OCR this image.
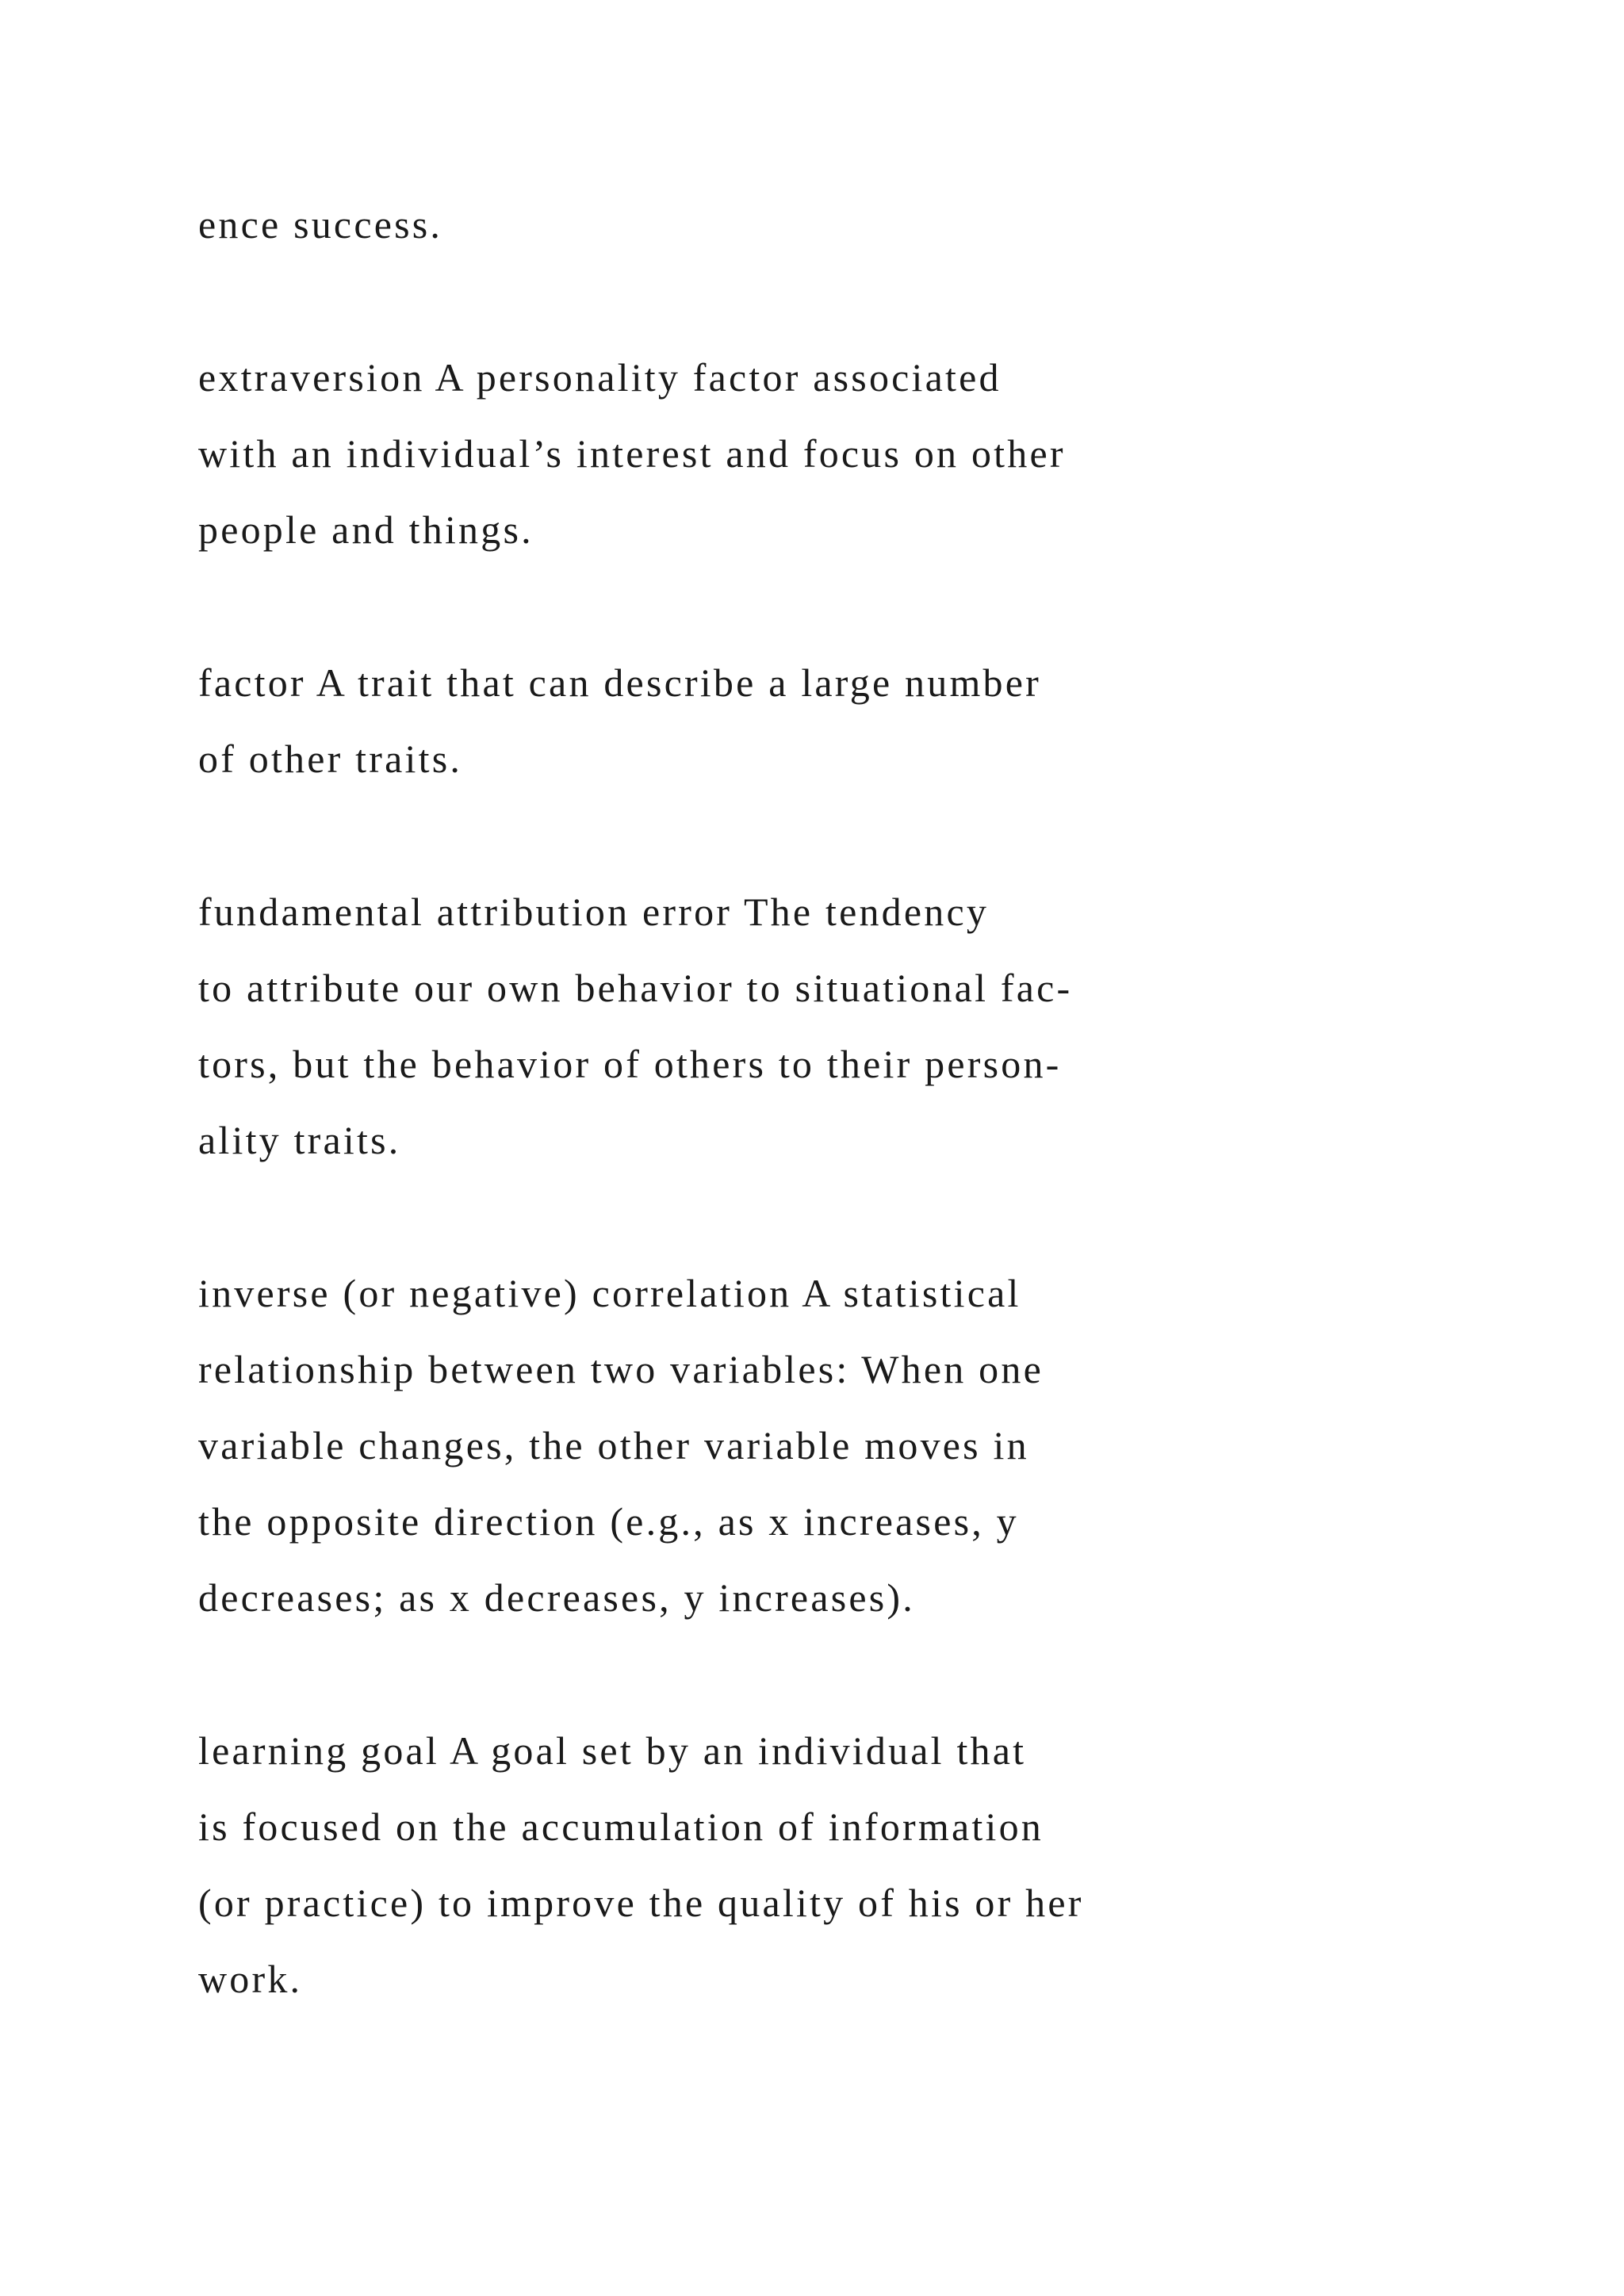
ence success.
extraversion A personality factor associated
with an individual’s interest and focus on other
people and things.
factor A trait that can describe a large number
of other traits.
fundamental attribution error The tendency
to attribute our own behavior to situational fac-
tors, but the behavior of others to their person-
ality traits.
inverse (or negative) correlation A statistical
relationship between two variables: When one
variable changes, the other variable moves in
the opposite direction (e.g., as x increases, y
decreases; as x decreases, y increases).
learning goal A goal set by an individual that
is focused on the accumulation of information
(or practice) to improve the quality of his or her
work.
